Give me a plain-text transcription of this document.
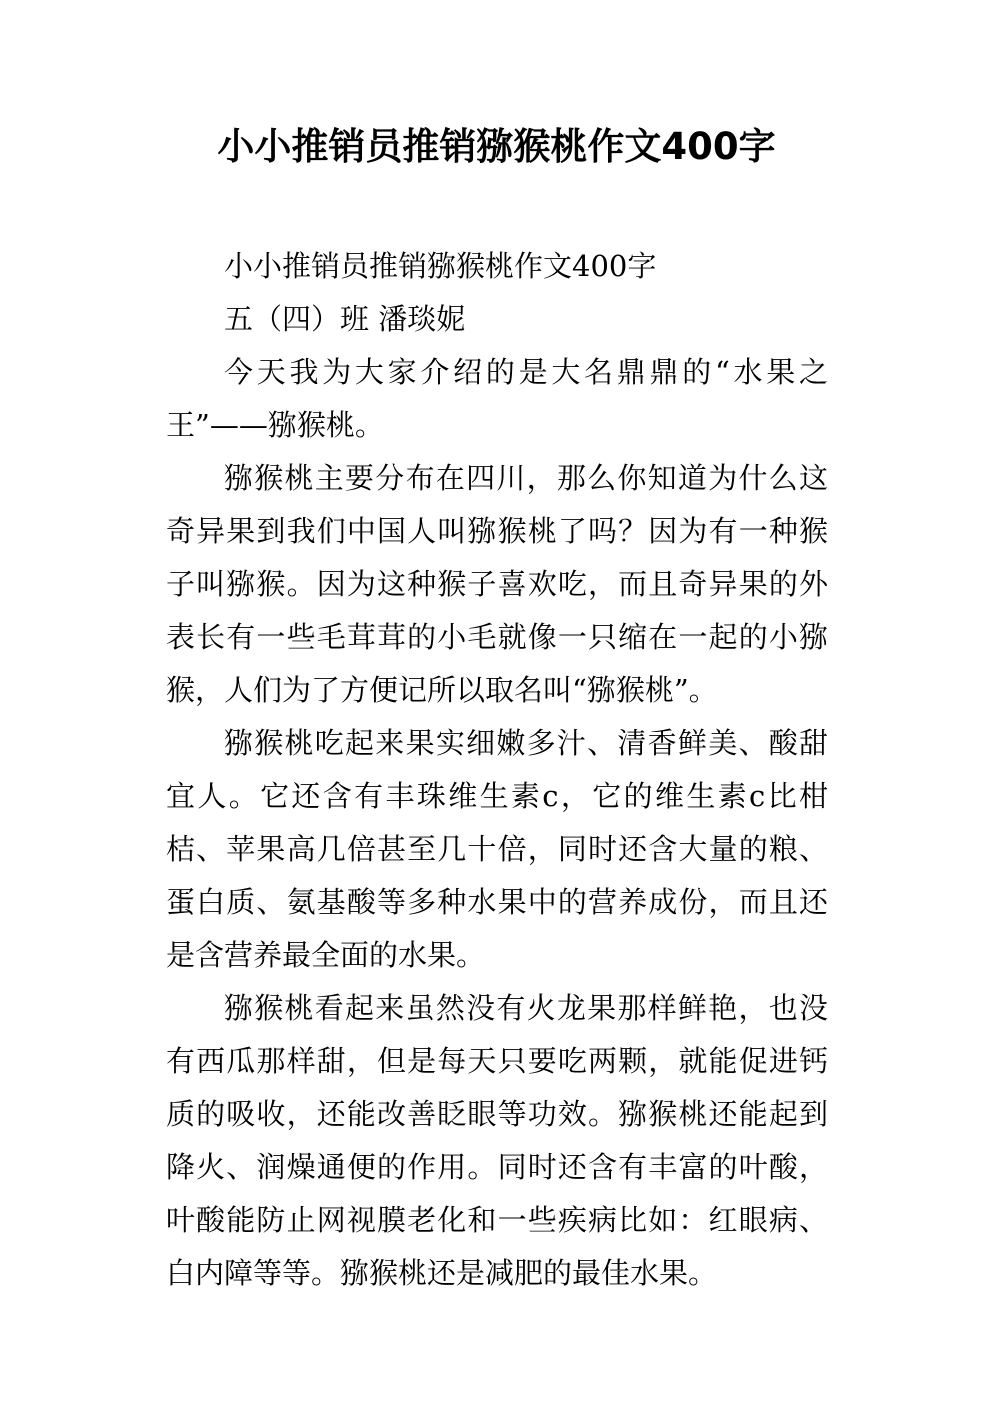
小小推销员推销猕猴桃作文400字

小小推销员推销猕猴桃作文400字

五（四）班 潘琰妮

今天我为大家介绍的是大名鼎鼎的“水果之王”——猕猴桃。

猕猴桃主要分布在四川，那么你知道为什么这奇异果到我们中国人叫猕猴桃了吗？因为有一种猴子叫猕猴。因为这种猴子喜欢吃，而且奇异果的外表长有一些毛茸茸的小毛就像一只缩在一起的小猕猴，人们为了方便记所以取名叫“猕猴桃”。

猕猴桃吃起来果实细嫩多汁、清香鲜美、酸甜宜人。它还含有丰珠维生素c，它的维生素c比柑桔、苹果高几倍甚至几十倍，同时还含大量的粮、蛋白质、氨基酸等多种水果中的营养成份，而且还是含营养最全面的水果。

猕猴桃看起来虽然没有火龙果那样鲜艳，也没有西瓜那样甜，但是每天只要吃两颗，就能促进钙质的吸收，还能改善眨眼等功效。猕猴桃还能起到降火、润燥通便的作用。同时还含有丰富的叶酸，叶酸能防止网视膜老化和一些疾病比如：红眼病、白内障等等。猕猴桃还是减肥的最佳水果。
